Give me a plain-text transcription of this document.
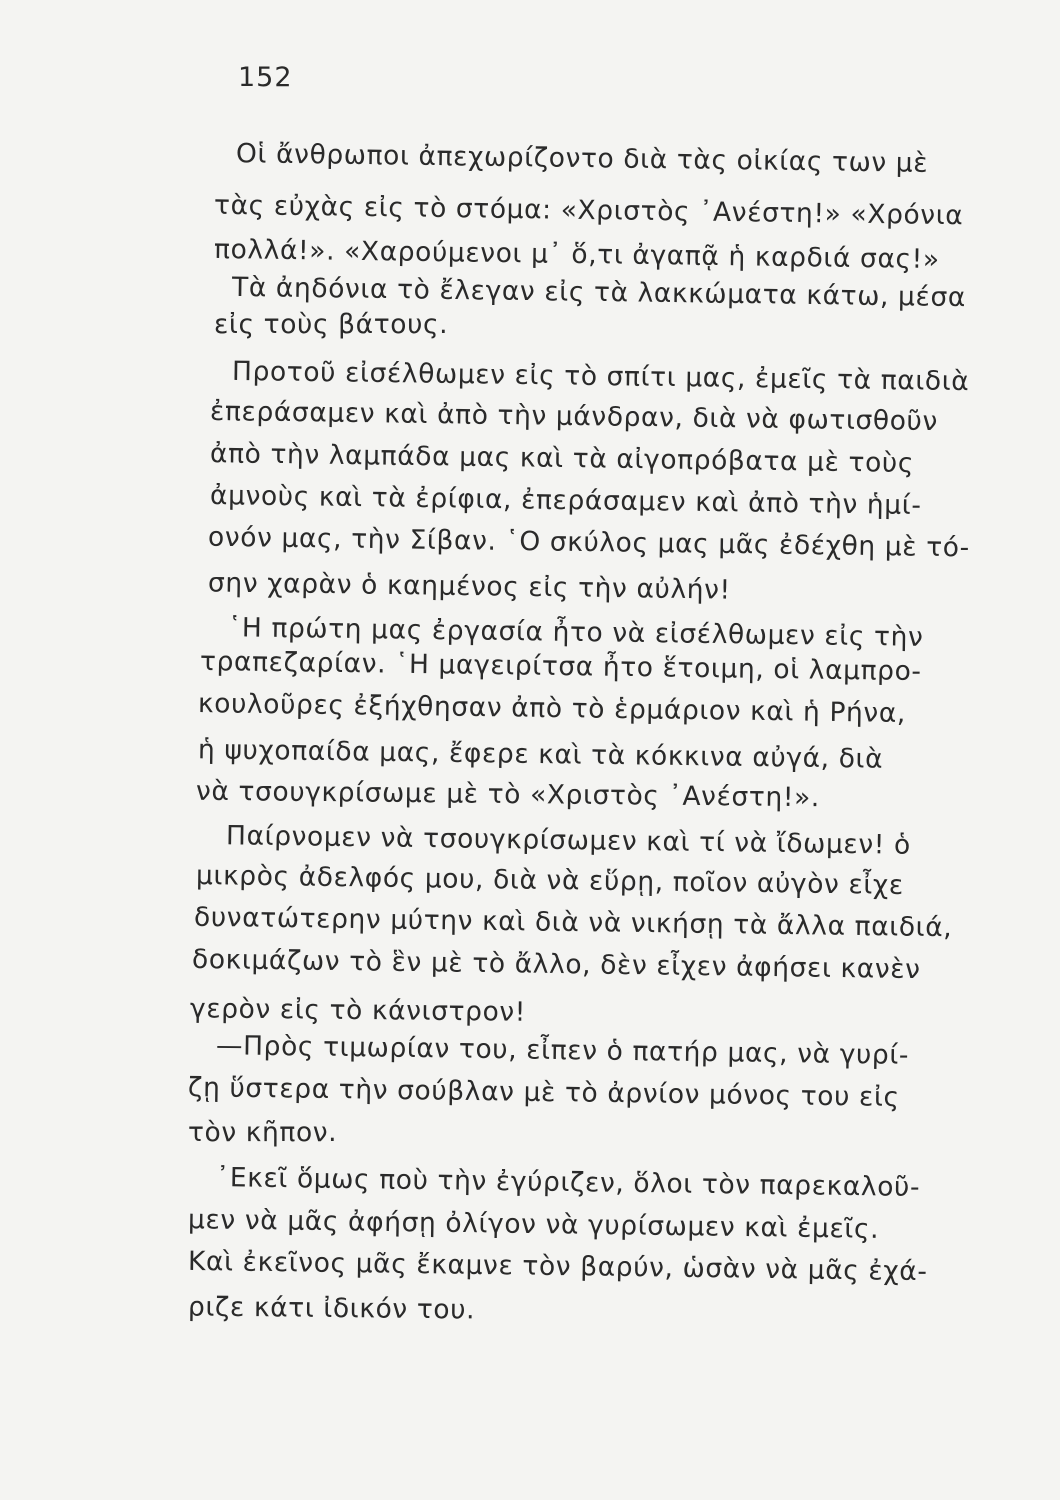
152
Οἱ ἄνθρωποι ἀπεχωρίζοντο διὰ τὰς οἰκίας των μὲ
τὰς εὐχὰς εἰς τὸ στόμα: «Χριστὸς ᾿Ανέστη!» «Χρόνια
πολλά!». «Χαρούμενοι μ᾿ ὅ,τι ἀγαπᾷ ἡ καρδιά σας!»
Τὰ ἀηδόνια τὸ ἔλεγαν εἰς τὰ λακκώματα κάτω, μέσα
εἰς τοὺς βάτους.
Προτοῦ εἰσέλθωμεν εἰς τὸ σπίτι μας, ἐμεῖς τὰ παιδιὰ
ἐπεράσαμεν καὶ ἀπὸ τὴν μάνδραν, διὰ νὰ φωτισθοῦν
ἀπὸ τὴν λαμπάδα μας καὶ τὰ αἰγοπρόβατα μὲ τοὺς
ἀμνοὺς καὶ τὰ ἐρίφια, ἐπεράσαμεν καὶ ἀπὸ τὴν ἡμί-
ονόν μας, τὴν Σίβαν. ῾Ο σκύλος μας μᾶς ἐδέχθη μὲ τό-
σην χαρὰν ὁ καημένος εἰς τὴν αὐλήν!
῾Η πρώτη μας ἐργασία ἦτο νὰ εἰσέλθωμεν εἰς τὴν
τραπεζαρίαν. ῾Η μαγειρίτσα ἦτο ἕτοιμη, οἱ λαμπρο-
κουλοῦρες ἐξήχθησαν ἀπὸ τὸ ἑρμάριον καὶ ἡ Ρήνα,
ἡ ψυχοπαίδα μας, ἔφερε καὶ τὰ κόκκινα αὐγά, διὰ
νὰ τσουγκρίσωμε μὲ τὸ «Χριστὸς ᾿Ανέστη!».
Παίρνομεν νὰ τσουγκρίσωμεν καὶ τί νὰ ἴδωμεν! ὁ
μικρὸς ἀδελφός μου, διὰ νὰ εὕρῃ, ποῖον αὐγὸν εἶχε
δυνατώτερην μύτην καὶ διὰ νὰ νικήσῃ τὰ ἄλλα παιδιά,
δοκιμάζων τὸ ἓν μὲ τὸ ἄλλο, δὲν εἶχεν ἀφήσει κανὲν
γερὸν εἰς τὸ κάνιστρον!
—Πρὸς τιμωρίαν του, εἶπεν ὁ πατήρ μας, νὰ γυρί-
ζῃ ὕστερα τὴν σούβλαν μὲ τὸ ἀρνίον μόνος του εἰς
τὸν κῆπον.
᾿Εκεῖ ὅμως ποὺ τὴν ἐγύριζεν, ὅλοι τὸν παρεκαλοῦ-
μεν νὰ μᾶς ἀφήσῃ ὀλίγον νὰ γυρίσωμεν καὶ ἐμεῖς.
Καὶ ἐκεῖνος μᾶς ἔκαμνε τὸν βαρύν, ὡσὰν νὰ μᾶς ἐχά-
ριζε κάτι ἰδικόν του.
